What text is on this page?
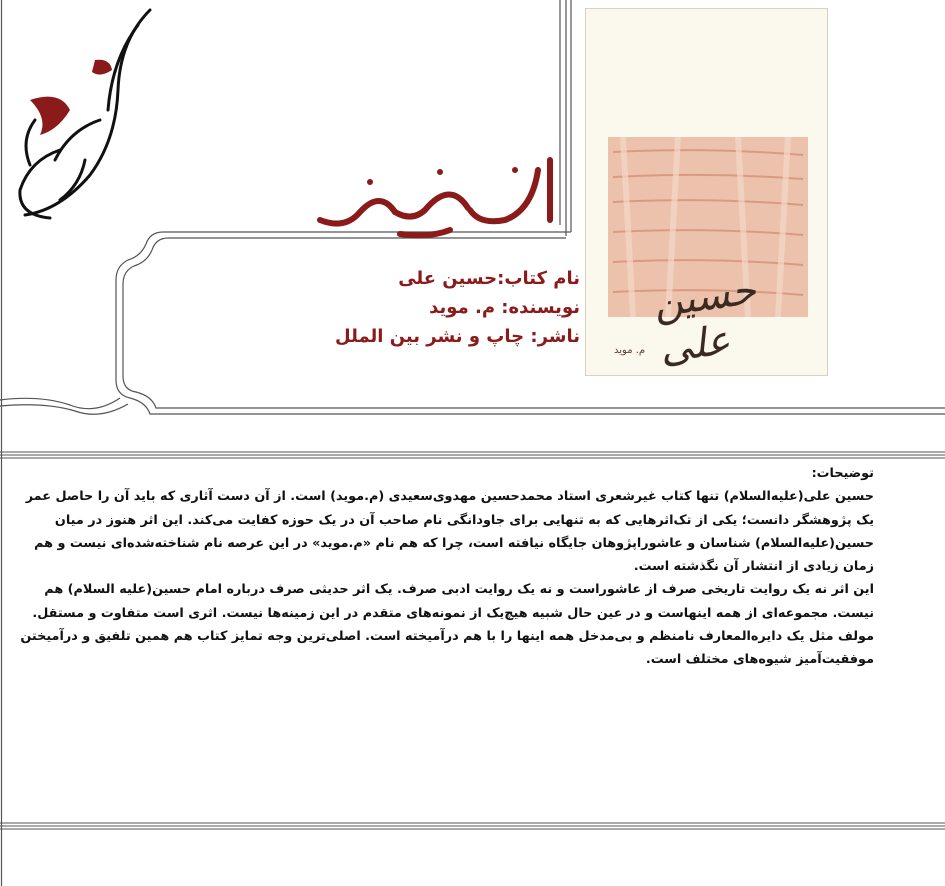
حسین علی
م. موید
نام کتاب:حسین علی
نویسنده: م. موید
ناشر: چاپ و نشر بین الملل

توضیحات:

حسین علی(علیه‌السلام) تنها کتاب غیرشعری استاد محمدحسین مهدوی‌سعیدی (م.موید) است. از آن دست آثاری که باید آن را حاصل عمر یک پژوهشگر دانست؛ یکی از تک‌اثرهایی که به تنهایی برای جاودانگی نام صاحب آن در یک حوزه کفایت می‌کند. این اثر هنوز در میان حسین(علیه‌السلام) شناسان و عاشوراپژوهان جایگاه نیافته است، چرا که هم نام «م.موید» در این عرصه نام شناخته‌شده‌ای نیست و هم زمان زیادی از انتشار آن نگذشته است.

این اثر نه یک روایت تاریخی صرف از عاشوراست و نه یک روایت ادبی صرف. یک اثر حدیثی صرف درباره امام حسین(علیه السلام) هم نیست. مجموعه‌ای از همه اینهاست و در عین حال شبیه هیچ‌یک از نمونه‌های متقدم در این زمینه‌ها نیست. اثری است متفاوت و مستقل. مولف مثل یک دایره‌المعارف نامنظم و بی‌مدخل همه اینها را با هم درآمیخته است. اصلی‌ترین وجه تمایز کتاب هم همین تلفیق و درآمیختن موفقیت‌آمیز شیوه‌های مختلف است.
